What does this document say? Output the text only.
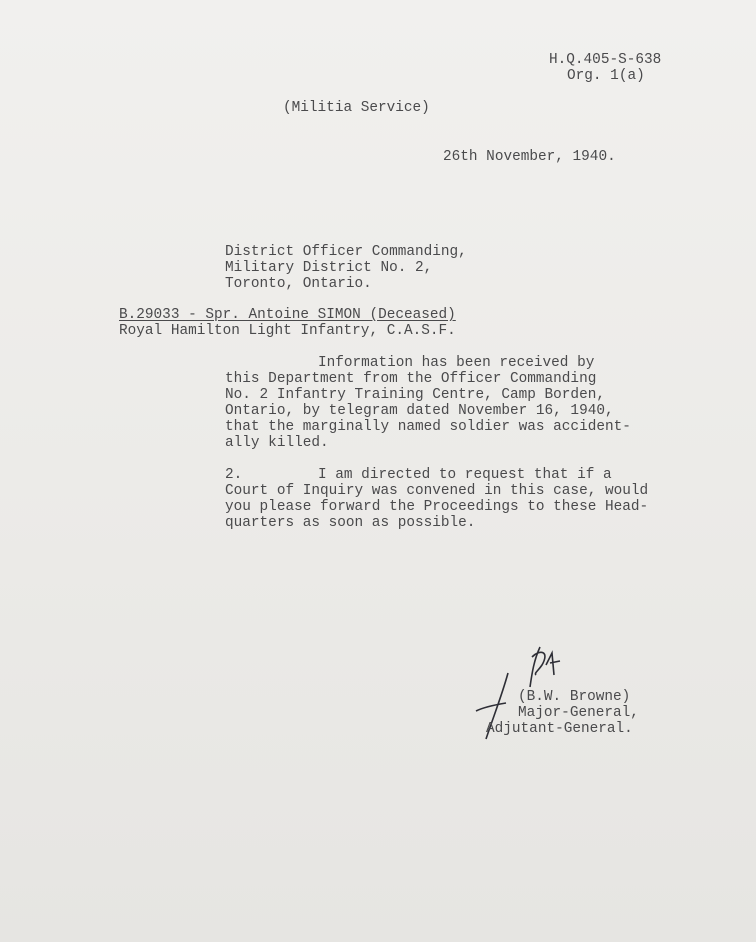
H.Q.405-S-638
Org. 1(a)
(Militia Service)
26th November, 1940.
District Officer Commanding,
Military District No. 2,
Toronto, Ontario.
B.29033 - Spr. Antoine SIMON (Deceased)
Royal Hamilton Light Infantry, C.A.S.F.
Information has been received by
this Department from the Officer Commanding
No. 2 Infantry Training Centre, Camp Borden,
Ontario, by telegram dated November 16, 1940,
that the marginally named soldier was accident-
ally killed.
2.	I am directed to request that if a
Court of Inquiry was convened in this case, would
you please forward the Proceedings to these Head-
quarters as soon as possible.
(B.W. Browne)
Major-General,
Adjutant-General.
